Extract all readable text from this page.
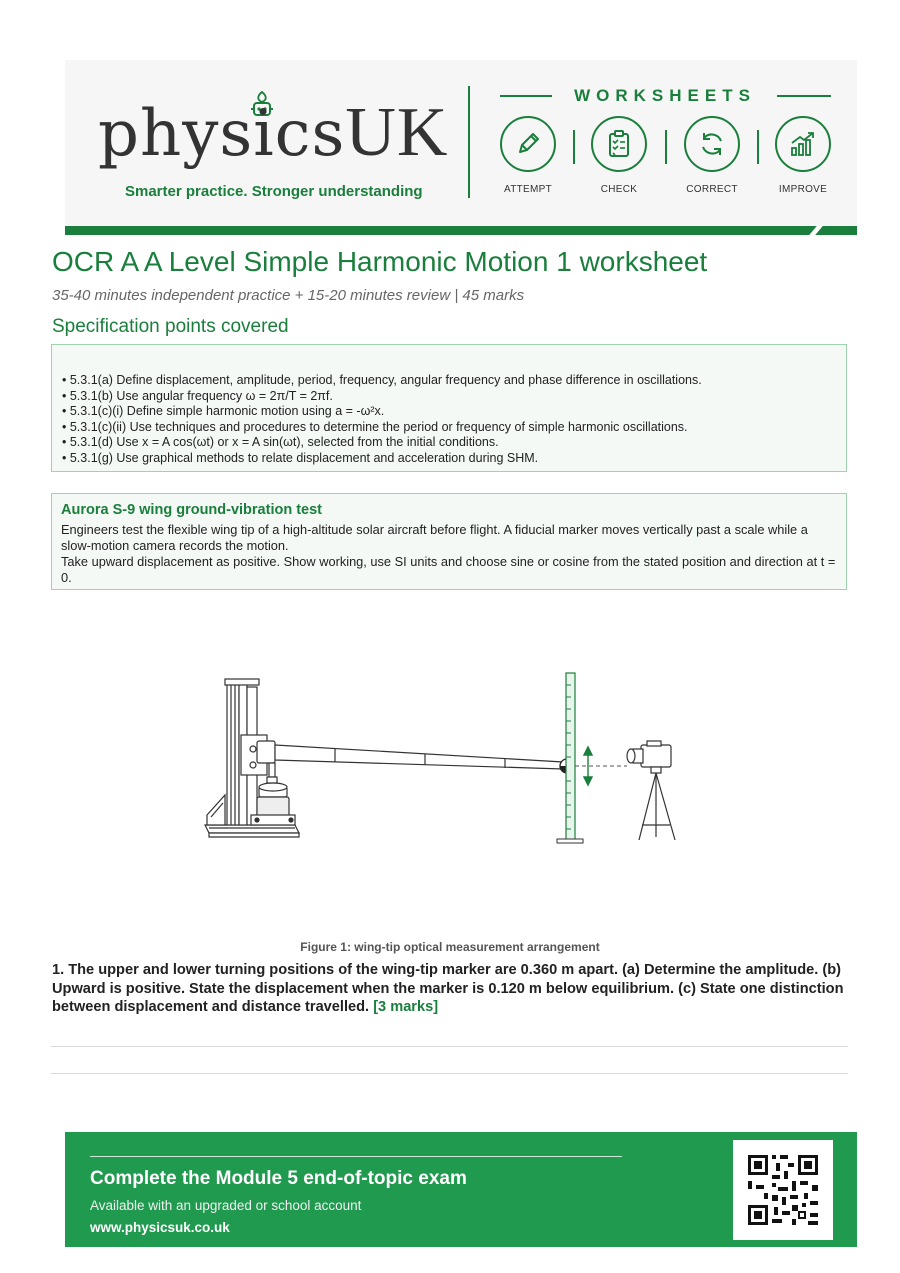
physicsUK
Smarter practice. Stronger understanding
WORKSHEETS
ATTEMPT	CHECK	CORRECT	IMPROVE
OCR A A Level Simple Harmonic Motion 1 worksheet
35-40 minutes independent practice + 15-20 minutes review | 45 marks
Specification points covered
• 5.3.1(a) Define displacement, amplitude, period, frequency, angular frequency and phase difference in oscillations.
• 5.3.1(b) Use angular frequency ω = 2π/T = 2πf.
• 5.3.1(c)(i) Define simple harmonic motion using a = -ω²x.
• 5.3.1(c)(ii) Use techniques and procedures to determine the period or frequency of simple harmonic oscillations.
• 5.3.1(d) Use x = A cos(ωt) or x = A sin(ωt), selected from the initial conditions.
• 5.3.1(g) Use graphical methods to relate displacement and acceleration during SHM.
Aurora S-9 wing ground-vibration test

Engineers test the flexible wing tip of a high-altitude solar aircraft before flight. A fiducial marker moves vertically past a scale while a slow-motion camera records the motion.

Take upward displacement as positive. Show working, use SI units and choose sine or cosine from the stated position and direction at t = 0.

Figure 1: wing-tip optical measurement arrangement
1. The upper and lower turning positions of the wing-tip marker are 0.360 m apart. (a) Determine the amplitude. (b) Upward is positive. State the displacement when the marker is 0.120 m below equilibrium. (c) State one distinction between displacement and distance travelled. [3 marks]
Complete the Module 5 end-of-topic exam
Available with an upgraded or school account
www.physicsuk.co.uk
